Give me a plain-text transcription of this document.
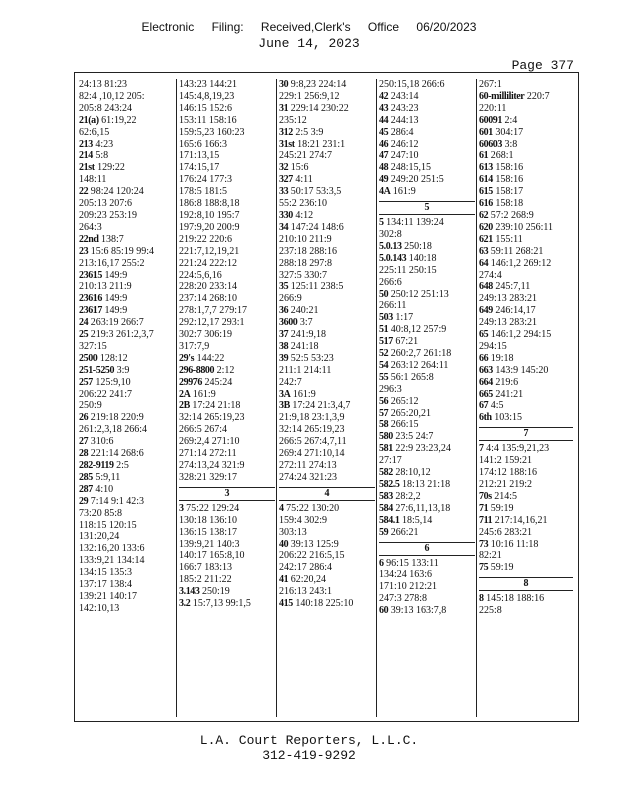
Electronic Filing: Received,Clerk's Office 06/20/2023
June 14, 2023
Page 377
24:13 81:23
82:4 ,10,12 205:
205:8 243:24
21(a) 61:19,22
62:6,15
213 4:23
214 5:8
21st 129:22
148:11
22 98:24 120:24
205:13 207:6
209:23 253:19
264:3
22nd 138:7
23 15:6 85:19 99:4
213:16,17 255:2
23615 149:9
210:13 211:9
23616 149:9
23617 149:9
24 263:19 266:7
25 219:3 261:2,3,7
327:15
2500 128:12
251-5250 3:9
257 125:9,10
206:22 241:7
250:9
26 219:18 220:9
261:2,3,18 266:4
27 310:6
28 221:14 268:6
282-9119 2:5
285 5:9,11
287 4:10
29 7:14 9:1 42:3
73:20 85:8
118:15 120:15
131:20,24
132:16,20 133:6
133:9,21 134:14
134:15 135:3
137:17 138:4
139:21 140:17
142:10,13
143:23 144:21
145:4,8,19,23
146:15 152:6
153:11 158:16
159:5,23 160:23
165:6 166:3
171:13,15
174:15,17
176:24 177:3
178:5 181:5
186:8 188:8,18
192:8,10 195:7
197:9,20 200:9
219:22 220:6
221:7,12,19,21
221:24 222:12
224:5,6,16
228:20 233:14
237:14 268:10
278:1,7,7 279:17
292:12,17 293:1
302:7 306:19
317:7,9
29's 144:22
296-8800 2:12
29976 245:24
2A 161:9
2B 17:24 21:18
32:14 265:19,23
266:5 267:4
269:2,4 271:10
271:14 272:11
274:13,24 321:9
328:21 329:17
3
3 75:22 129:24
130:18 136:10
136:15 138:17
139:9,21 140:3
140:17 165:8,10
166:7 183:13
185:2 211:22
3.143 250:19
3.2 15:7,13 99:1,5
30 9:8,23 224:14
229:1 256:9,12
31 229:14 230:22
235:12
312 2:5 3:9
31st 18:21 231:1
245:21 274:7
32 15:6
327 4:11
33 50:17 53:3,5
55:2 236:10
330 4:12
34 147:24 148:6
210:10 211:9
237:18 288:16
288:18 297:8
327:5 330:7
35 125:11 238:5
266:9
36 240:21
3600 3:7
37 241:9,18
38 241:18
39 52:5 53:23
211:1 214:11
242:7
3A 161:9
3B 17:24 21:3,4,7
21:9,18 23:1,3,9
32:14 265:19,23
266:5 267:4,7,11
269:4 271:10,14
272:11 274:13
274:24 321:23
4
4 75:22 130:20
159:4 302:9
303:13
40 39:13 125:9
206:22 216:5,15
242:17 286:4
41 62:20,24
216:13 243:1
415 140:18 225:10
250:15,18 266:6
42 243:14
43 243:23
44 244:13
45 286:4
46 246:12
47 247:10
48 248:15,15
49 249:20 251:5
4A 161:9
5
5 134:11 139:24
302:8
5.0.13 250:18
5.0.143 140:18
225:11 250:15
266:6
50 250:12 251:13
266:11
503 1:17
51 40:8,12 257:9
517 67:21
52 260:2,7 261:18
54 263:12 264:11
55 56:1 265:8
296:3
56 265:12
57 265:20,21
58 266:15
580 23:5 24:7
581 22:9 23:23,24
27:17
582 28:10,12
582.5 18:13 21:18
583 28:2,2
584 27:6,11,13,18
584.1 18:5,14
59 266:21
6
6 96:15 133:11
134:24 163:6
171:10 212:21
247:3 278:8
60 39:13 163:7,8
267:1
60-milliliter 220:7
220:11
60091 2:4
601 304:17
60603 3:8
61 268:1
613 158:16
614 158:16
615 158:17
616 158:18
62 57:2 268:9
620 239:10 256:11
621 155:11
63 59:11 268:21
64 146:1,2 269:12
274:4
648 245:7,11
249:13 283:21
649 246:14,17
249:13 283:21
65 146:1,2 294:15
294:15
66 19:18
663 143:9 145:20
664 219:6
665 241:21
67 4:5
6th 103:15
7
7 4:4 135:9,21,23
141:2 159:21
174:12 188:16
212:21 219:2
70s 214:5
71 59:19
711 217:14,16,21
245:6 283:21
73 10:16 11:18
82:21
75 59:19
8
8 145:18 188:16
225:8
L.A. Court Reporters, L.L.C.
312-419-9292
